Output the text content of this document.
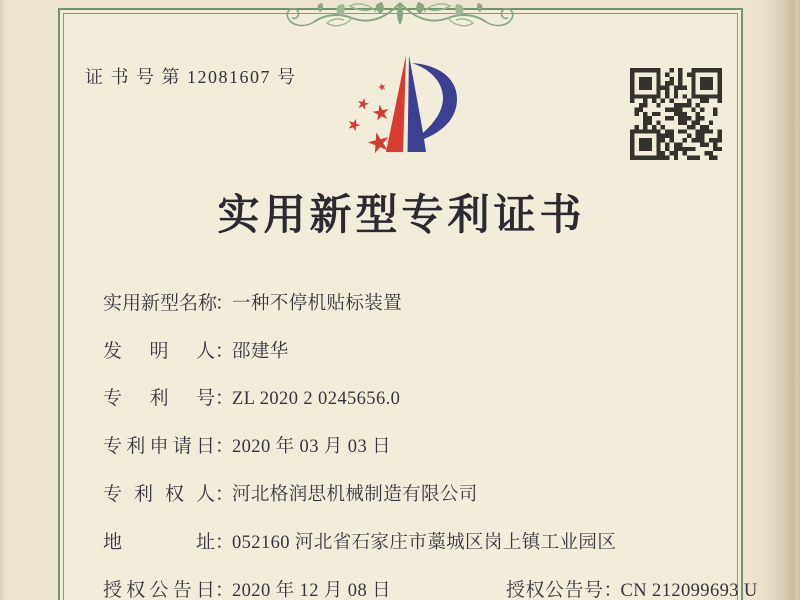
证 书 号 第 12081607 号
实用新型专利证书
实用新型名称：一种不停机贴标装置
发明人：邵建华
专利号：ZL 2020 2 0245656.0
专利申请日：2020 年 03 月 03 日
专利权人：河北格润思机械制造有限公司
地址：052160 河北省石家庄市藁城区岗上镇工业园区
授权公告日：2020 年 12 月 08 日	授权公告号：CN 212099693 U
